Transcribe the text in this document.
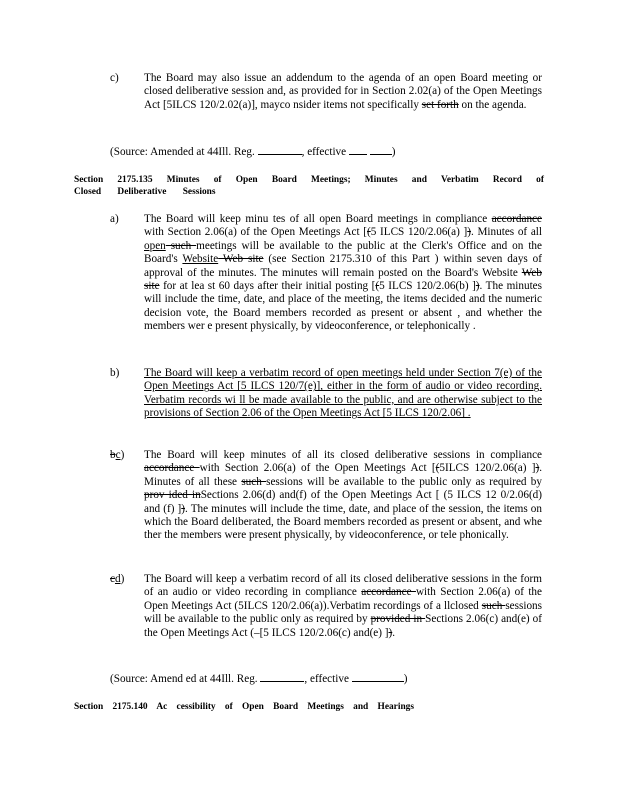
c)	The Board may also issue an addendum to the agenda of an open Board meeting or closed deliberative session and, as provided for in Section 2.02(a) of the Open Meetings Act [5ILCS 120/2.02(a)], mayco nsider items not specifically set forth on the agenda.
(Source: Amended at 44Ill. Reg.	, effective	)
Section 2175.135 Minutes of Open Board Meetings; Minutes and Verbatim Record of
Closed Deliberative Sessions
a)	The Board will keep minu tes of all open Board meetings in compliance accordance with Section 2.06(a) of the Open Meetings Act [(5 ILCS 120/2.06(a) ]). Minutes of all open such meetings will be available to the public at the Clerk's Office and on the Board's Website Web site (see Section 2175.310 of this Part ) within seven days of approval of the minutes. The minutes will remain posted on the Board's Website Web site for at lea st 60 days after their initial posting [(5 ILCS 120/2.06(b) ]). The minutes will include the time, date, and place of the meeting, the items decided and the numeric decision vote, the Board members recorded as present or absent , and whether the members wer e present physically, by videoconference, or telephonically .
b)	The Board will keep a verbatim record of open meetings held under Section 7(e) of the Open Meetings Act [5 ILCS 120/7(e)], either in the form of audio or video recording. Verbatim records wi ll be made available to the public, and are otherwise subject to the provisions of Section 2.06 of the Open Meetings Act [5 ILCS 120/2.06] .
bc)	The Board will keep minutes of all its closed deliberative sessions in compliance accordance with Section 2.06(a) of the Open Meetings Act [(5ILCS 120/2.06(a) ]). Minutes of all these such sessions will be available to the public only as required by prov ided inSections 2.06(d) and(f) of the Open Meetings Act [ (5 ILCS 12 0/2.06(d) and (f) ]). The minutes will include the time, date, and place of the session, the items on which the Board deliberated, the Board members recorded as present or absent, and whe ther the members were present physically, by videoconference, or tele phonically.
cd)	The Board will keep a verbatim record of all its closed deliberative sessions in the form of an audio or video recording in compliance accordance with Section 2.06(a) of the Open Meetings Act (5ILCS 120/2.06(a)).Verbatim recordings of a llclosed such sessions will be available to the public only as required by provided in Sections 2.06(c) and(e) of the Open Meetings Act (–[5 ILCS 120/2.06(c) and(e) ]).
(Source: Amend ed at 44Ill. Reg.	, effective	)
Section 2175.140 Ac cessibility of Open Board Meetings and Hearings
